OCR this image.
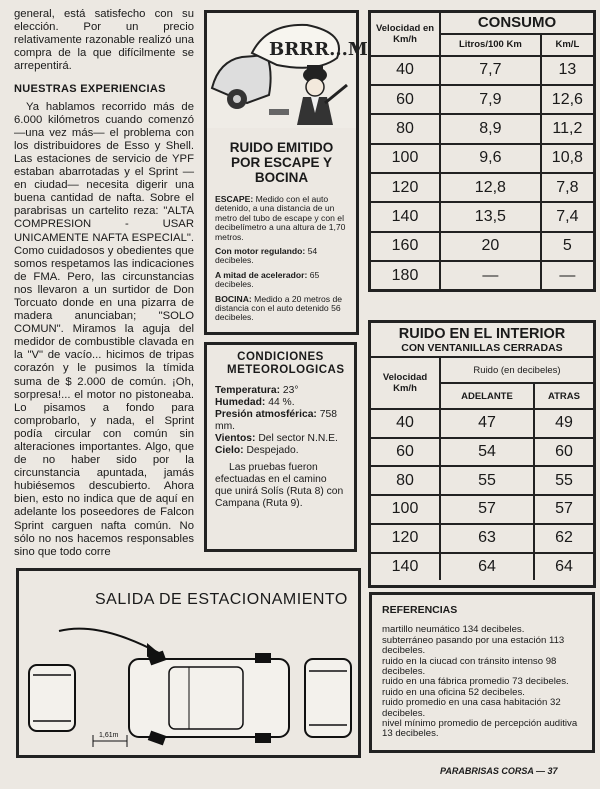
general, está satisfecho con su elección. Por un precio relativamente razonable realizó una compra de la que difícilmente se arrepentirá.

NUESTRAS EXPERIENCIAS

Ya hablamos recorrido más de 6.000 kilómetros cuando comenzó —una vez más— el problema con los distribuidores de Esso y Shell. Las estaciones de servicio de YPF estaban abarrotadas y el Sprint —en ciudad— necesita digerir una buena cantidad de nafta. Sobre el parabrisas un cartelito reza: "ALTA COMPRESION - USAR UNICAMENTE NAFTA ESPECIAL". Como cuidadosos y obedientes que somos respetamos las indicaciones de FMA. Pero, las circunstancias nos llevaron a un surtidor de Don Torcuato donde en una pizarra de madera anunciaban; "SOLO COMUN". Miramos la aguja del medidor de combustible clavada en la "V" de vacío... hicimos de tripas corazón y le pusimos la tímida suma de $ 2.000 de común. ¡Oh, sorpresa!... el motor no pistoneaba. Lo pisamos a fondo para comprobarlo, y nada, el Sprint podía circular con común sin alteraciones importantes. Algo, que de no haber sido por la circunstancia apuntada, jamás hubiésemos descubierto. Ahora bien, esto no indica que de aquí en adelante los poseedores de Falcon Sprint carguen nafta común. No sólo no nos hacemos responsables sino que todo corre

BRRR...M
RUIDO EMITIDO POR ESCAPE Y BOCINA

ESCAPE: Medido con el auto detenido, a una distancia de un metro del tubo de escape y con el decibelímetro a una altura de 1,70 metros.

Con motor regulando: 54 decibeles.

A mitad de acelerador: 65 decibeles.

BOCINA: Medido a 20 metros de distancia con el auto detenido 56 decibeles.

CONDICIONES METEOROLOGICAS

Temperatura: 23°
Humedad: 44 %.
Presión atmosférica: 758 mm.
Vientos: Del sector N.N.E.
Cielo: Despejado.

Las pruebas fueron efectuadas en el camino que unirá Solís (Ruta 8) con Campana (Ruta 9).

Velocidad en Km/h	CONSUMO	
	Litros/100 Km	Km/L
40	7,7	13
60	7,9	12,6
80	8,9	11,2
100	9,6	10,8
120	12,8	7,8
140	13,5	7,4
160	20	5
180	—	—
RUIDO EN EL INTERIOR
CON VENTANILLAS CERRADAS
Velocidad Km/h	Ruido (en decibeles)	
	ADELANTE	ATRAS
40	47	49
60	54	60
80	55	55
100	57	57
120	63	62
140	64	64
REFERENCIAS
martillo neumático 134 decibeles.
subterráneo pasando por una estación 113 decibeles.
ruido en la ciucad con tránsito intenso 98 decibeles.
ruido en una fábrica promedio 73 decibeles.
ruido en una oficina 52 decibeles.
ruido promedio en una casa habitación 32 decibeles.
nivel mínimo promedio de percepción auditiva 13 decibeles.
SALIDA DE ESTACIONAMIENTO
1,61m
PARABRISAS CORSA — 37
